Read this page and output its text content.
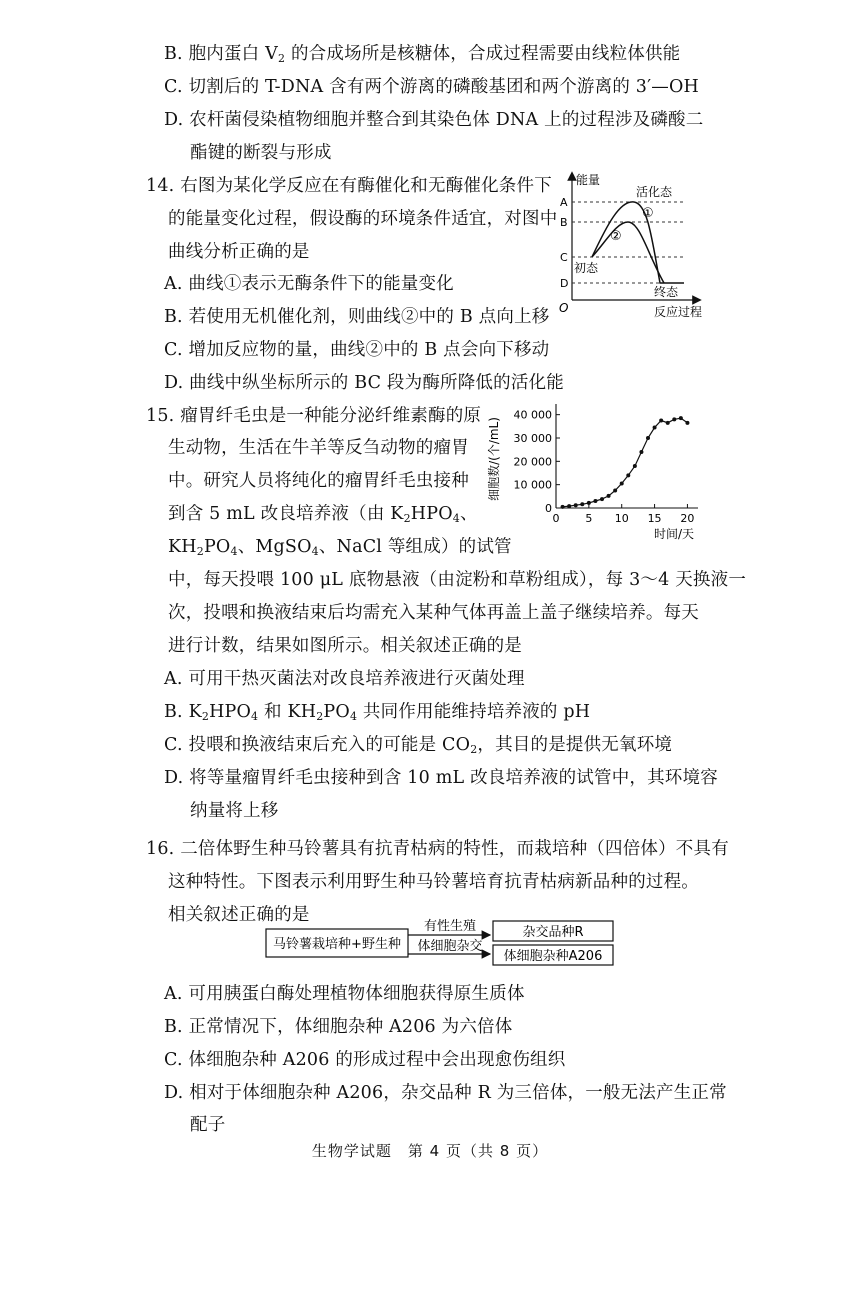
B. 胞内蛋白 $V_2$ 的合成场所是核糖体，合成过程需要由线粒体供能
C. 切割后的 T-DNA 含有两个游离的磷酸基团和两个游离的 3′—OH
D. 农杆菌侵染植物细胞并整合到其染色体 DNA 上的过程涉及磷酸二
酯键的断裂与形成
14. 右图为某化学反应在有酶催化和无酶催化条件下
的能量变化过程，假设酶的环境条件适宜，对图中
曲线分析正确的是
A. 曲线①表示无酶条件下的能量变化
B. 若使用无机催化剂，则曲线②中的 B 点向上移
C. 增加反应物的量，曲线②中的 B 点会向下移动
D. 曲线中纵坐标所示的 BC 段为酶所降低的活化能
能量
O	反应过程
A
B
C
D
活化态
①
②
初态
终态
15. 瘤胃纤毛虫是一种能分泌纤维素酶的原
生动物，生活在牛羊等反刍动物的瘤胃
中。研究人员将纯化的瘤胃纤毛虫接种
到含 5 mL 改良培养液（由 $K_2HPO_4$、
$KH_2PO_4$、MgSO$_4$、NaCl 等组成）的试管
中，每天投喂 100 μL 底物悬液（由淀粉和草粉组成），每 3～4 天换液一
次，投喂和换液结束后均需充入某种气体再盖上盖子继续培养。每天
进行计数，结果如图所示。相关叙述正确的是
A. 可用干热灭菌法对改良培养液进行灭菌处理
B. $K_2HPO_4$ 和 $KH_2PO_4$ 共同作用能维持培养液的 pH
C. 投喂和换液结束后充入的可能是 $CO_2$，其目的是提供无氧环境
D. 将等量瘤胃纤毛虫接种到含 10 mL 改良培养液的试管中，其环境容
纳量将上移
0
10 000
20 000
30 000
40 000
0 5 10 15 20
时间/天
细胞数/(个/mL)
16. 二倍体野生种马铃薯具有抗青枯病的特性，而栽培种（四倍体）不具有
这种特性。下图表示利用野生种马铃薯培育抗青枯病新品种的过程。
相关叙述正确的是
马铃薯栽培种+野生种
有性生殖
体细胞杂交
杂交品种R
体细胞杂种A206
A. 可用胰蛋白酶处理植物体细胞获得原生质体
B. 正常情况下，体细胞杂种 A206 为六倍体
C. 体细胞杂种 A206 的形成过程中会出现愈伤组织
D. 相对于体细胞杂种 A206，杂交品种 R 为三倍体，一般无法产生正常
配子
生物学试题　第 4 页（共 8 页）
